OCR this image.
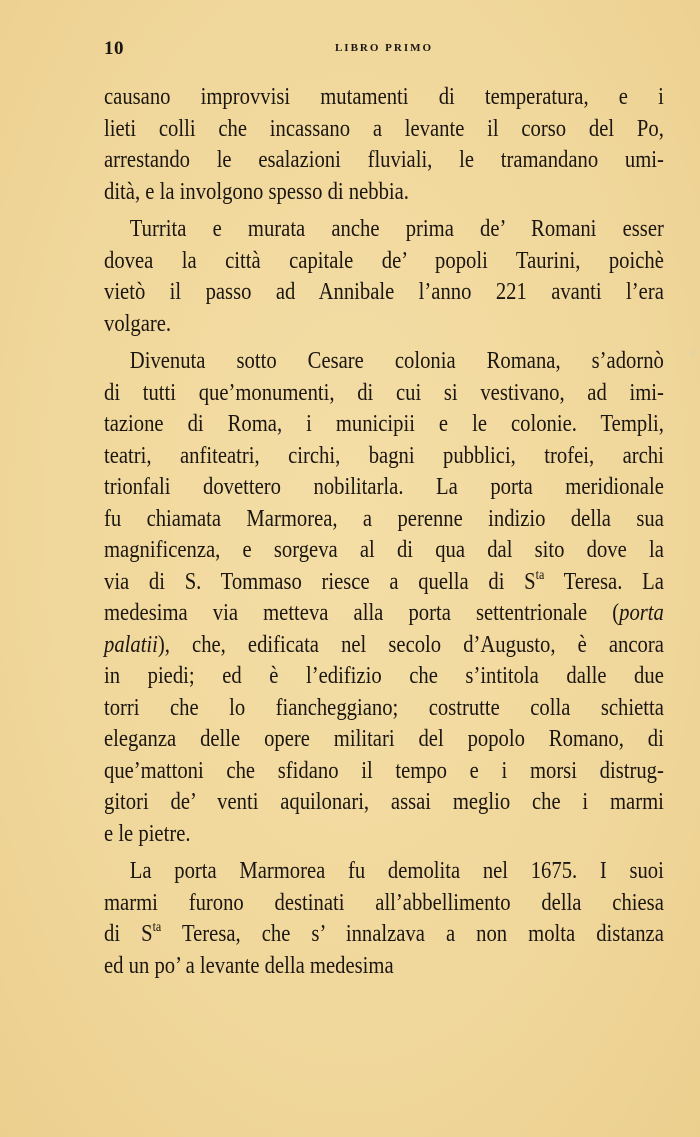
10	LIBRO PRIMO
causano improvvisi mutamenti di temperatura, e i
lieti colli che incassano a levante il corso del Po,
arrestando le esalazioni fluviali, le tramandano umi-
dità, e la involgono spesso di nebbia.
Turrita e murata anche prima de’ Romani esser
dovea la città capitale de’ popoli Taurini, poichè
vietò il passo ad Annibale l’anno 221 avanti l’era
volgare.
Divenuta sotto Cesare colonia Romana, s’adornò
di tutti que’monumenti, di cui si vestivano, ad imi-
tazione di Roma, i municipii e le colonie. Templi,
teatri, anfiteatri, circhi, bagni pubblici, trofei, archi
trionfali dovettero nobilitarla. La porta meridionale
fu chiamata Marmorea, a perenne indizio della sua
magnificenza, e sorgeva al di qua dal sito dove la
via di S. Tommaso riesce a quella di $S^{ta}$ Teresa. La
medesima via metteva alla porta settentrionale (porta
palatii), che, edificata nel secolo d’Augusto, è ancora
in piedi; ed è l’edifizio che s’intitola dalle due
torri che lo fiancheggiano; costrutte colla schietta
eleganza delle opere militari del popolo Romano, di
que’mattoni che sfidano il tempo e i morsi distrug-
gitori de’ venti aquilonari, assai meglio che i marmi
e le pietre.
La porta Marmorea fu demolita nel 1675. I suoi
marmi furono destinati all’abbellimento della chiesa
di $S^{ta}$ Teresa, che s’ innalzava a non molta distanza
ed un po’ a levante della medesima
